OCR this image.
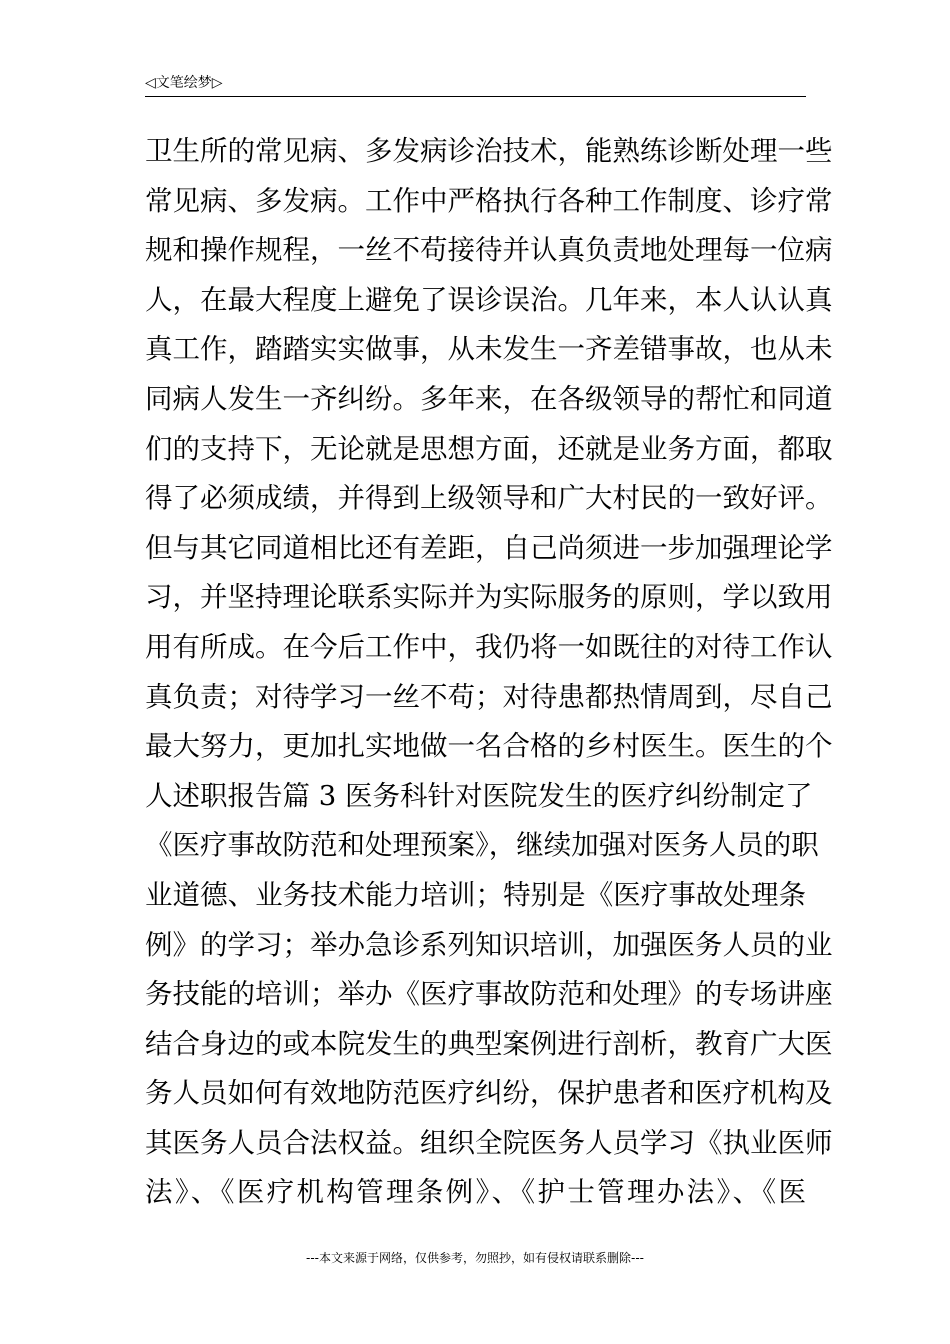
◁文笔绘梦▷
卫生所的常见病、多发病诊治技术，能熟练诊断处理一些
常见病、多发病。工作中严格执行各种工作制度、诊疗常
规和操作规程，一丝不苟接待并认真负责地处理每一位病
人，在最大程度上避免了误诊误治。几年来，本人认认真
真工作，踏踏实实做事，从未发生一齐差错事故，也从未
同病人发生一齐纠纷。多年来，在各级领导的帮忙和同道
们的支持下，无论就是思想方面，还就是业务方面，都取
得了必须成绩，并得到上级领导和广大村民的一致好评。
但与其它同道相比还有差距，自己尚须进一步加强理论学
习，并坚持理论联系实际并为实际服务的原则，学以致用
用有所成。在今后工作中，我仍将一如既往的对待工作认
真负责；对待学习一丝不苟；对待患都热情周到，尽自己
最大努力，更加扎实地做一名合格的乡村医生。医生的个
人述职报告篇 3 医务科针对医院发生的医疗纠纷制定了
《医疗事故防范和处理预案》，继续加强对医务人员的职
业道德、业务技术能力培训；特别是《医疗事故处理条
例》的学习；举办急诊系列知识培训，加强医务人员的业
务技能的培训；举办《医疗事故防范和处理》的专场讲座
结合身边的或本院发生的典型案例进行剖析，教育广大医
务人员如何有效地防范医疗纠纷，保护患者和医疗机构及
其医务人员合法权益。组织全院医务人员学习《执业医师
法》、《医疗机构管理条例》、《护士管理办法》、《医
---本文来源于网络，仅供参考，勿照抄，如有侵权请联系删除---
